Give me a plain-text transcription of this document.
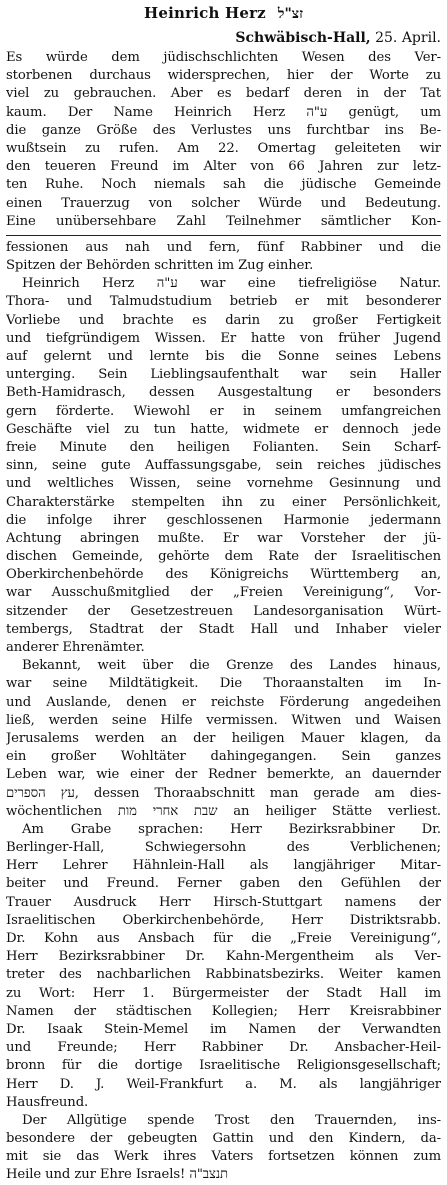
Heinrich Herz זצ"ל
Schwäbisch-Hall, 25. April.
Es würde dem jüdischschlichten Wesen des Ver-
storbenen durchaus widersprechen, hier der Worte zu
viel zu gebrauchen. Aber es bedarf deren in der Tat
kaum. Der Name Heinrich Herz ע"ה genügt, um
die ganze Größe des Verlustes uns furchtbar ins Be-
wußtsein zu rufen. Am 22. Omertag geleiteten wir
den teueren Freund im Alter von 66 Jahren zur letz-
ten Ruhe. Noch niemals sah die jüdische Gemeinde
einen Trauerzug von solcher Würde und Bedeutung.
Eine unübersehbare Zahl Teilnehmer sämtlicher Kon-
fessionen aus nah und fern, fünf Rabbiner und die
Spitzen der Behörden schritten im Zug einher.
Heinrich Herz ע"ה war eine tiefreligiöse Natur.
Thora- und Talmudstudium betrieb er mit besonderer
Vorliebe und brachte es darin zu großer Fertigkeit
und tiefgründigem Wissen. Er hatte von früher Jugend
auf gelernt und lernte bis die Sonne seines Lebens
unterging. Sein Lieblingsaufenthalt war sein Haller
Beth-Hamidrasch, dessen Ausgestaltung er besonders
gern förderte. Wiewohl er in seinem umfangreichen
Geschäfte viel zu tun hatte, widmete er dennoch jede
freie Minute den heiligen Folianten. Sein Scharf-
sinn, seine gute Auffassungsgabe, sein reiches jüdisches
und weltliches Wissen, seine vornehme Gesinnung und
Charakterstärke stempelten ihn zu einer Persönlichkeit,
die infolge ihrer geschlossenen Harmonie jedermann
Achtung abringen mußte. Er war Vorsteher der jü-
dischen Gemeinde, gehörte dem Rate der Israelitischen
Oberkirchenbehörde des Königreichs Württemberg an,
war Ausschußmitglied der „Freien Vereinigung“, Vor-
sitzender der Gesetzestreuen Landesorganisation Würt-
tembergs, Stadtrat der Stadt Hall und Inhaber vieler
anderer Ehrenämter.
Bekannt, weit über die Grenze des Landes hinaus,
war seine Mildtätigkeit. Die Thoraanstalten im In-
und Auslande, denen er reichste Förderung angedeihen
ließ, werden seine Hilfe vermissen. Witwen und Waisen
Jerusalems werden an der heiligen Mauer klagen, da
ein großer Wohltäter dahingegangen. Sein ganzes
Leben war, wie einer der Redner bemerkte, an dauernder
עץ הספרים, dessen Thoraabschnitt man gerade am dies-
wöchentlichen שבת אחרי מות an heiliger Stätte verliest.
Am Grabe sprachen: Herr Bezirksrabbiner Dr.
Berlinger-Hall, Schwiegersohn des Verblichenen;
Herr Lehrer Hähnlein-Hall als langjähriger Mitar-
beiter und Freund. Ferner gaben den Gefühlen der
Trauer Ausdruck Herr Hirsch-Stuttgart namens der
Israelitischen Oberkirchenbehörde, Herr Distriktsrabb.
Dr. Kohn aus Ansbach für die „Freie Vereinigung“,
Herr Bezirksrabbiner Dr. Kahn-Mergentheim als Ver-
treter des nachbarlichen Rabbinatsbezirks. Weiter kamen
zu Wort: Herr 1. Bürgermeister der Stadt Hall im
Namen der städtischen Kollegien; Herr Kreisrabbiner
Dr. Isaak Stein-Memel im Namen der Verwandten
und Freunde; Herr Rabbiner Dr. Ansbacher-Heil-
bronn für die dortige Israelitische Religionsgesellschaft;
Herr D. J. Weil-Frankfurt a. M. als langjähriger
Hausfreund.
Der Allgütige spende Trost den Trauernden, ins-
besondere der gebeugten Gattin und den Kindern, da-
mit sie das Werk ihres Vaters fortsetzen können zum
Heile und zur Ehre Israels! תנצב"ה
